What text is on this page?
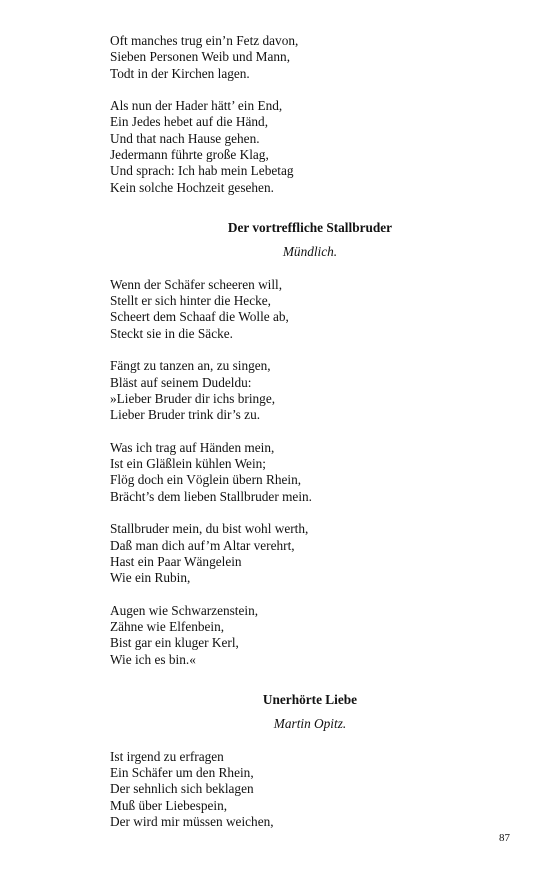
Oft manches trug ein’n Fetz davon,
Sieben Personen Weib und Mann,
Todt in der Kirchen lagen.
Als nun der Hader hätt’ ein End,
Ein Jedes hebet auf die Händ,
Und that nach Hause gehen.
Jedermann führte große Klag,
Und sprach: Ich hab mein Lebetag
Kein solche Hochzeit gesehen.
Der vortreffliche Stallbruder
Mündlich.
Wenn der Schäfer scheeren will,
Stellt er sich hinter die Hecke,
Scheert dem Schaaf die Wolle ab,
Steckt sie in die Säcke.
Fängt zu tanzen an, zu singen,
Bläst auf seinem Dudeldu:
»Lieber Bruder dir ichs bringe,
Lieber Bruder trink dir’s zu.
Was ich trag auf Händen mein,
Ist ein Gläßlein kühlen Wein;
Flög doch ein Vöglein übern Rhein,
Brächt’s dem lieben Stallbruder mein.
Stallbruder mein, du bist wohl werth,
Daß man dich auf’m Altar verehrt,
Hast ein Paar Wängelein
Wie ein Rubin,
Augen wie Schwarzenstein,
Zähne wie Elfenbein,
Bist gar ein kluger Kerl,
Wie ich es bin.«
Unerhörte Liebe
Martin Opitz.
Ist irgend zu erfragen
Ein Schäfer um den Rhein,
Der sehnlich sich beklagen
Muß über Liebespein,
Der wird mir müssen weichen,
87
